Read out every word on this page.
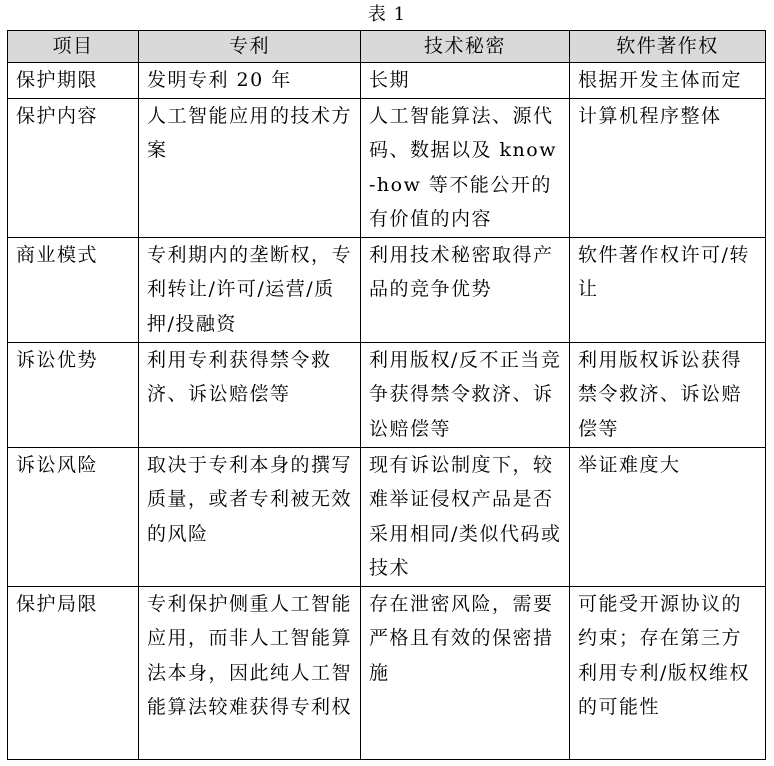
表 1
项目	专利	技术秘密	软件著作权
保护期限	发明专利 20 年	长期	根据开发主体而定
保护内容	人工智能应用的技术方案	人工智能算法、源代码、数据以及 know-how 等不能公开的有价值的内容	计算机程序整体
商业模式	专利期内的垄断权，专利转让/许可/运营/质押/投融资	利用技术秘密取得产品的竞争优势	软件著作权许可/转让
诉讼优势	利用专利获得禁令救济、诉讼赔偿等	利用版权/反不正当竞争获得禁令救济、诉讼赔偿等	利用版权诉讼获得禁令救济、诉讼赔偿等
诉讼风险	取决于专利本身的撰写质量，或者专利被无效的风险	现有诉讼制度下，较难举证侵权产品是否采用相同/类似代码或技术	举证难度大
保护局限	专利保护侧重人工智能应用，而非人工智能算法本身，因此纯人工智能算法较难获得专利权	存在泄密风险，需要严格且有效的保密措施	可能受开源协议的约束；存在第三方利用专利/版权维权的可能性
